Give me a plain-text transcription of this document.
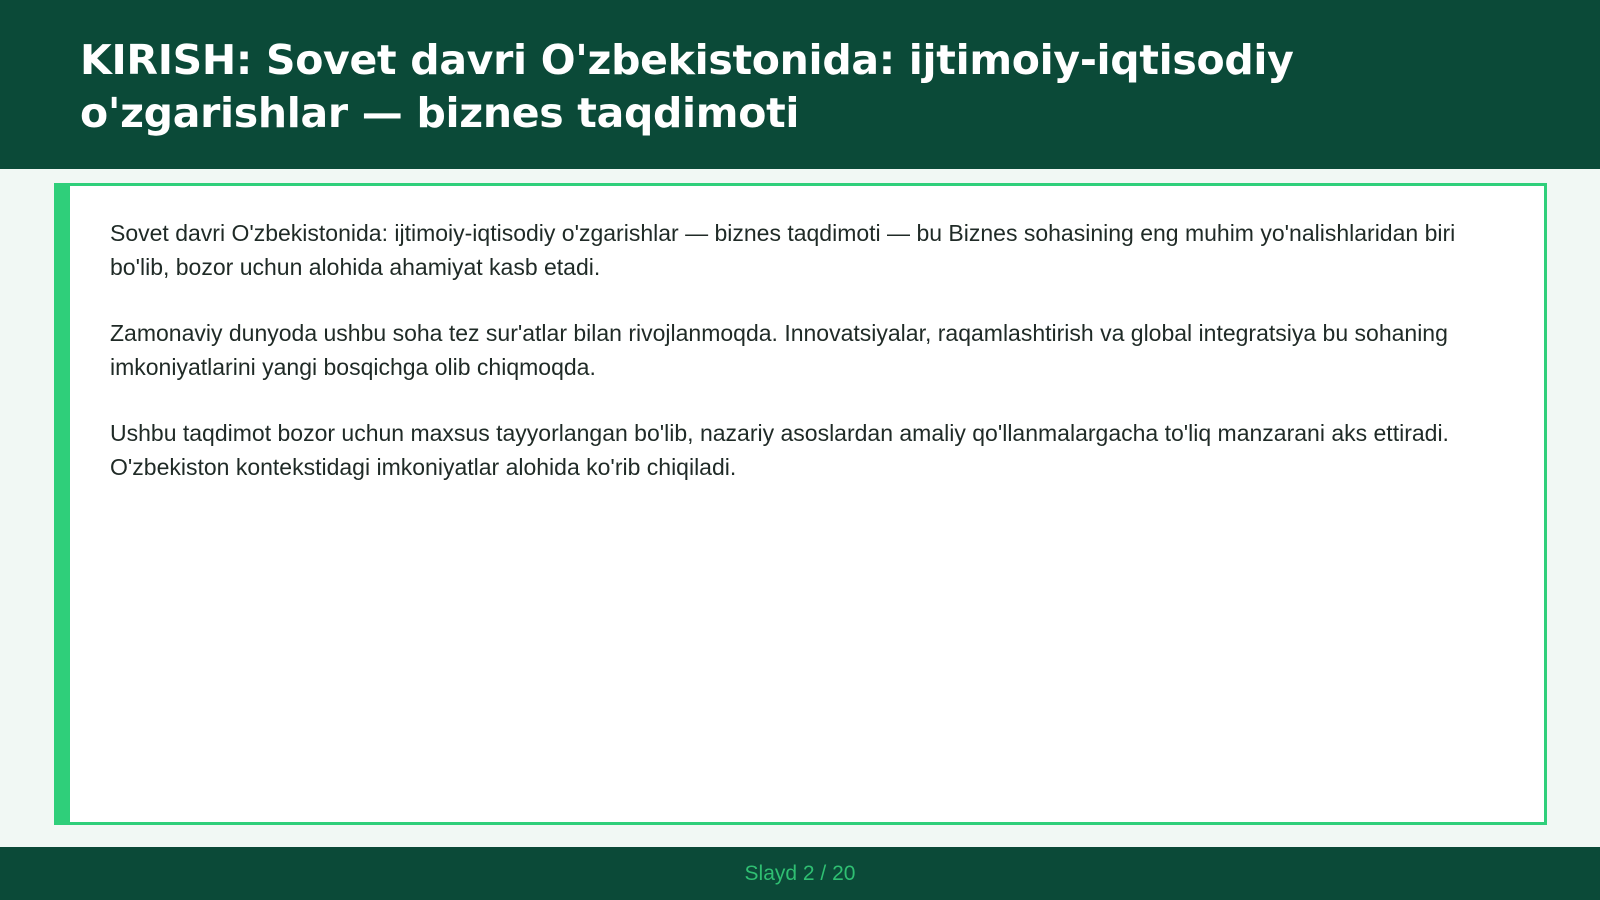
KIRISH: Sovet davri O'zbekistonida: ijtimoiy-iqtisodiy o'zgarishlar — biznes taqdimoti

Sovet davri O'zbekistonida: ijtimoiy-iqtisodiy o'zgarishlar — biznes taqdimoti — bu Biznes sohasining eng muhim yo'nalishlaridan biri bo'lib, bozor uchun alohida ahamiyat kasb etadi.

Zamonaviy dunyoda ushbu soha tez sur'atlar bilan rivojlanmoqda. Innovatsiyalar, raqamlashtirish va global integratsiya bu sohaning imkoniyatlarini yangi bosqichga olib chiqmoqda.

Ushbu taqdimot bozor uchun maxsus tayyorlangan bo'lib, nazariy asoslardan amaliy qo'llanmalargacha to'liq manzarani aks ettiradi. O'zbekiston kontekstidagi imkoniyatlar alohida ko'rib chiqiladi.

Slayd 2 / 20
